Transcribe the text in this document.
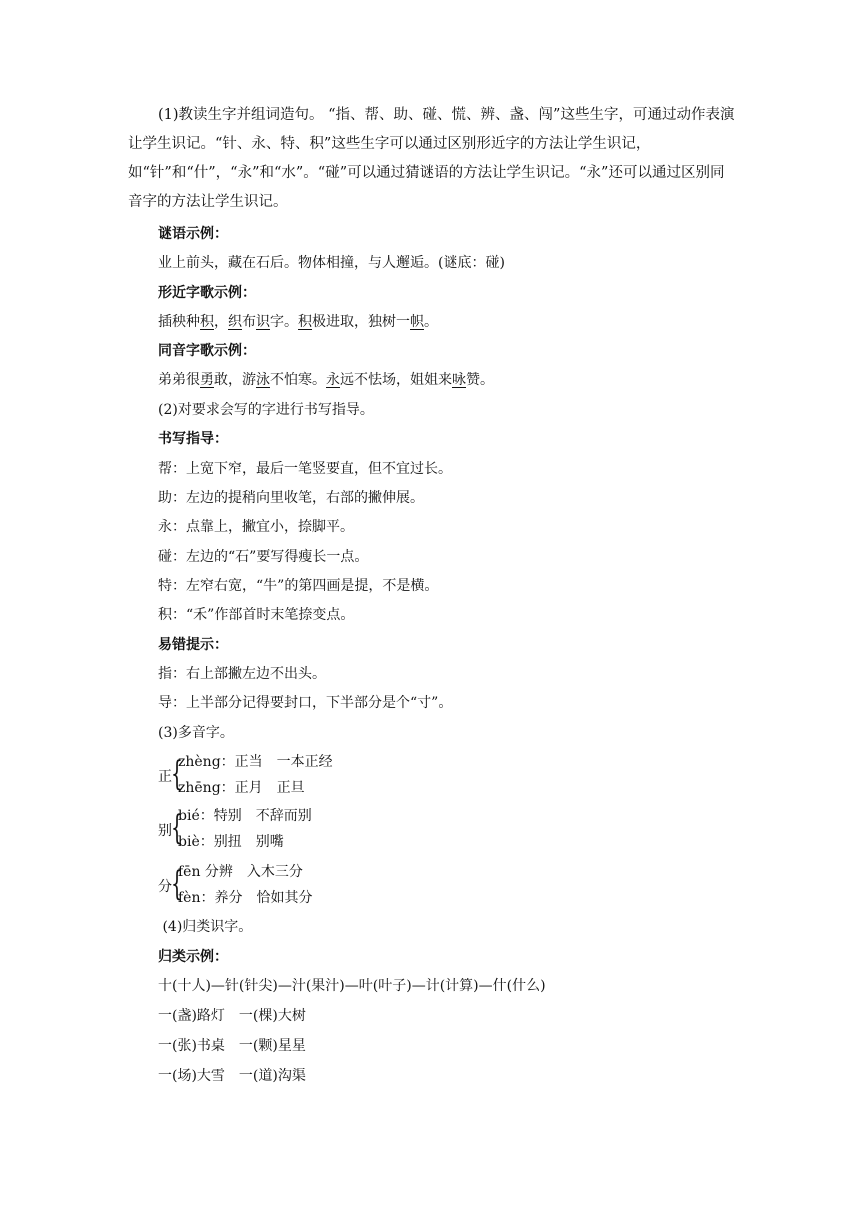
(1)教读生字并组词造句。 “指、帮、助、碰、慌、辨、盏、闯”这些生字，可通过动作表演让学生识记。“针、永、特、积”这些生字可以通过区别形近字的方法让学生识记，如“针”和“什”，“永”和“水”。“碰”可以通过猜谜语的方法让学生识记。“永”还可以通过区别同音字的方法让学生识记。
谜语示例：
业上前头，藏在石后。物体相撞，与人邂逅。(谜底：碰)
形近字歌示例：
插秧种积，织布识字。积极进取，独树一帜。
同音字歌示例：
弟弟很勇敢，游泳不怕寒。永远不怯场，姐姐来咏赞。
(2)对要求会写的字进行书写指导。
书写指导：
帮：上宽下窄，最后一笔竖要直，但不宜过长。
助：左边的提稍向里收笔，右部的撇伸展。
永：点靠上，撇宜小，捺脚平。
碰：左边的“石”要写得瘦长一点。
特：左窄右宽，“牛”的第四画是提，不是横。
积：“禾”作部首时末笔捺变点。
易错提示：
指：右上部撇左边不出头。
导：上半部分记得要封口，下半部分是个“寸”。
(3)多音字。
正 {
zhèng：正当　一本正经
zhēng：正月　正旦
别 {
bié：特别　不辞而别
biè：别扭　别嘴
分 {
fēn 分辨　入木三分
fèn：养分　恰如其分
(4)归类识字。
归类示例：
十(十人)—针(针尖)—汁(果汁)—叶(叶子)—计(计算)—什(什么)
一(盏)路灯　一(棵)大树
一(张)书桌　一(颗)星星
一(场)大雪　一(道)沟渠
